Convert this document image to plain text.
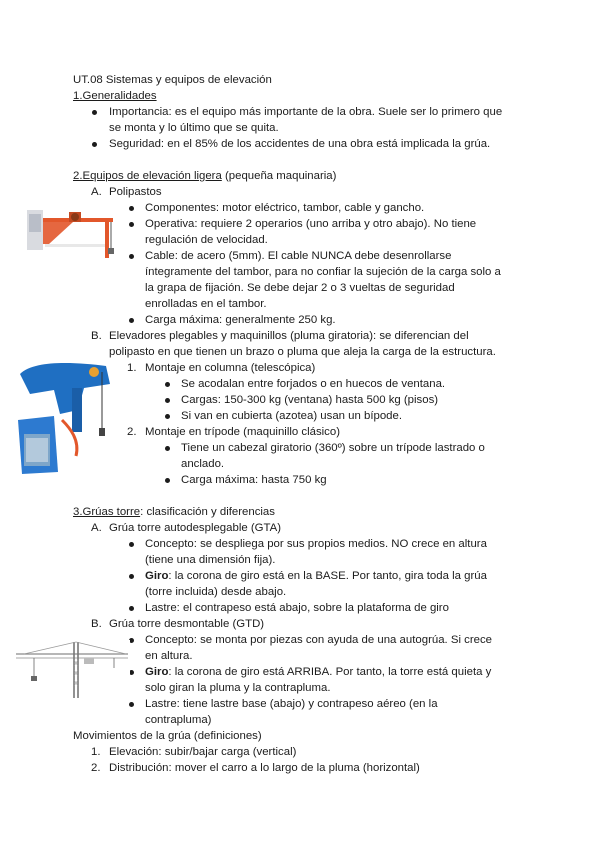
UT.08 Sistemas y equipos de elevación
1.Generalidades
Importancia: es el equipo más importante de la obra. Suele ser lo primero que
se monta y lo último que se quita.
Seguridad: en el 85% de los accidentes de una obra está implicada la grúa.
2.Equipos de elevación ligera (pequeña maquinaria)
A. Polipastos
Componentes: motor eléctrico, tambor, cable y gancho.
Operativa: requiere 2 operarios (uno arriba y otro abajo). No tiene
regulación de velocidad.
Cable: de acero (5mm). El cable NUNCA debe desenrollarse
íntegramente del tambor, para no confiar la sujeción de la carga solo a
la grapa de fijación. Se debe dejar 2 o 3 vueltas de seguridad
enrolladas en el tambor.
Carga máxima: generalmente 250 kg.
B. Elevadores plegables y maquinillos (pluma giratoria): se diferencian del
polipasto en que tienen un brazo o pluma que aleja la carga de la estructura.
1. Montaje en columna (telescópica)
Se acodalan entre forjados o en huecos de ventana.
Cargas: 150-300 kg (ventana) hasta 500 kg (pisos)
Si van en cubierta (azotea) usan un bípode.
2. Montaje en trípode (maquinillo clásico)
Tiene un cabezal giratorio (360º) sobre un trípode lastrado o
anclado.
Carga máxima: hasta 750 kg
3.Grúas torre: clasificación y diferencias
A. Grúa torre autodesplegable (GTA)
Concepto: se despliega por sus propios medios. NO crece en altura
(tiene una dimensión fija).
Giro: la corona de giro está en la BASE. Por tanto, gira toda la grúa
(torre incluida) desde abajo.
Lastre: el contrapeso está abajo, sobre la plataforma de giro
B. Grúa torre desmontable (GTD)
Concepto: se monta por piezas con ayuda de una autogrúa. Si crece
en altura.
Giro: la corona de giro está ARRIBA. Por tanto, la torre está quieta y
solo giran la pluma y la contrapluma.
Lastre: tiene lastre base (abajo) y contrapeso aéreo (en la
contrapluma)
Movimientos de la grúa (definiciones)
1. Elevación: subir/bajar carga (vertical)
2. Distribución: mover el carro a lo largo de la pluma (horizontal)
